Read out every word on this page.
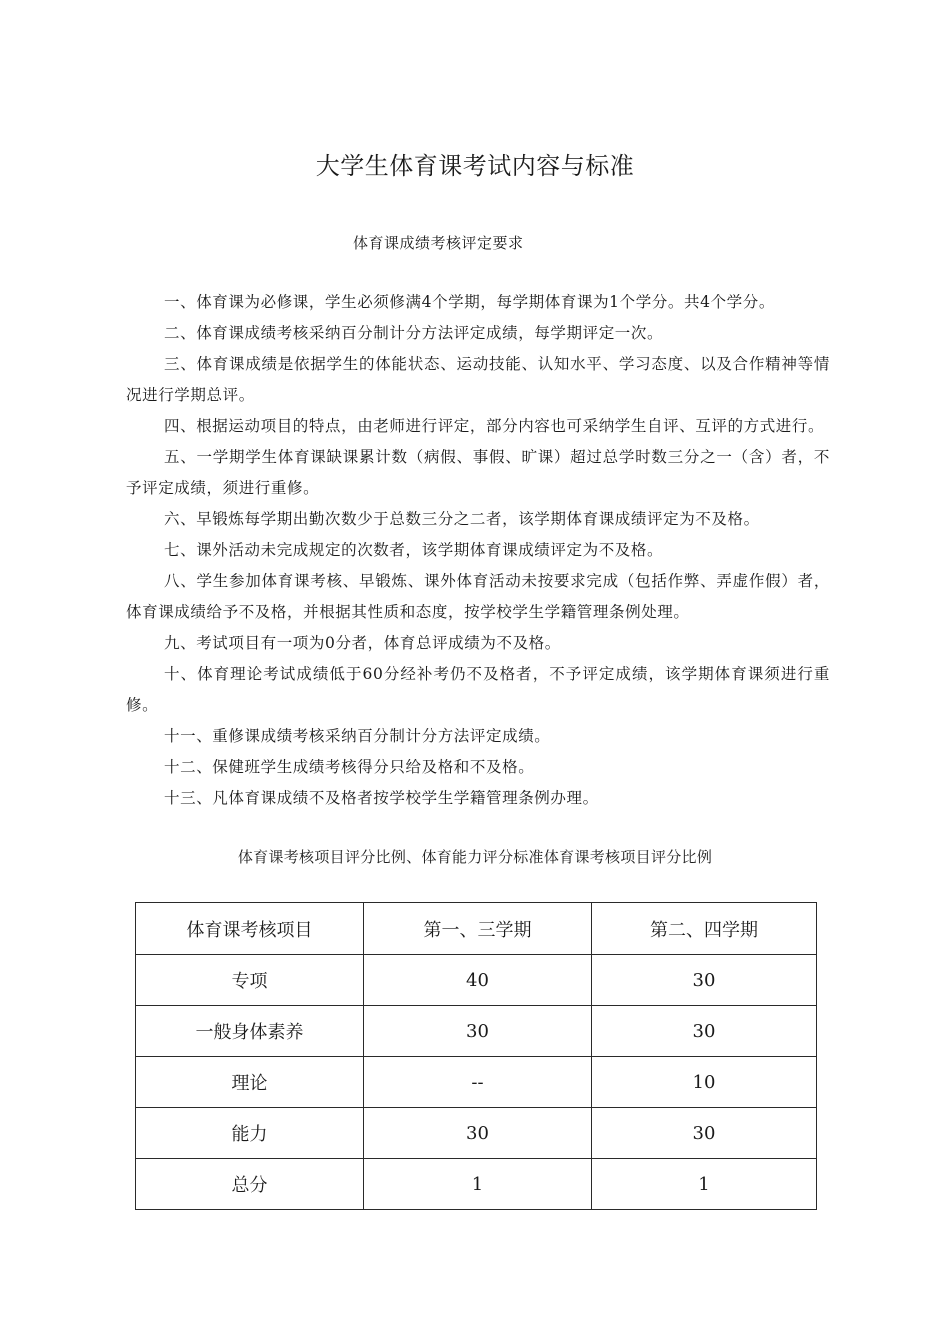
大学生体育课考试内容与标准
体育课成绩考核评定要求

一、体育课为必修课，学生必须修满4个学期，每学期体育课为1个学分。共4个学分。

二、体育课成绩考核采纳百分制计分方法评定成绩，每学期评定一次。

三、体育课成绩是依据学生的体能状态、运动技能、认知水平、学习态度、以及合作精神等情况进行学期总评。

四、根据运动项目的特点，由老师进行评定，部分内容也可采纳学生自评、互评的方式进行。

五、一学期学生体育课缺课累计数（病假、事假、旷课）超过总学时数三分之一（含）者，不予评定成绩，须进行重修。

六、早锻炼每学期出勤次数少于总数三分之二者，该学期体育课成绩评定为不及格。

七、课外活动未完成规定的次数者，该学期体育课成绩评定为不及格。

八、学生参加体育课考核、早锻炼、课外体育活动未按要求完成（包括作弊、弄虚作假）者，体育课成绩给予不及格，并根据其性质和态度，按学校学生学籍管理条例处理。

九、考试项目有一项为0分者，体育总评成绩为不及格。

十、体育理论考试成绩低于60分经补考仍不及格者，不予评定成绩，该学期体育课须进行重修。

十一、重修课成绩考核采纳百分制计分方法评定成绩。

十二、保健班学生成绩考核得分只给及格和不及格。

十三、凡体育课成绩不及格者按学校学生学籍管理条例办理。

体育课考核项目评分比例、体育能力评分标准体育课考核项目评分比例

体育课考核项目	第一、三学期	第二、四学期
专项	40	30
一般身体素养	30	30
理论	--	10
能力	30	30
总分	1	1
